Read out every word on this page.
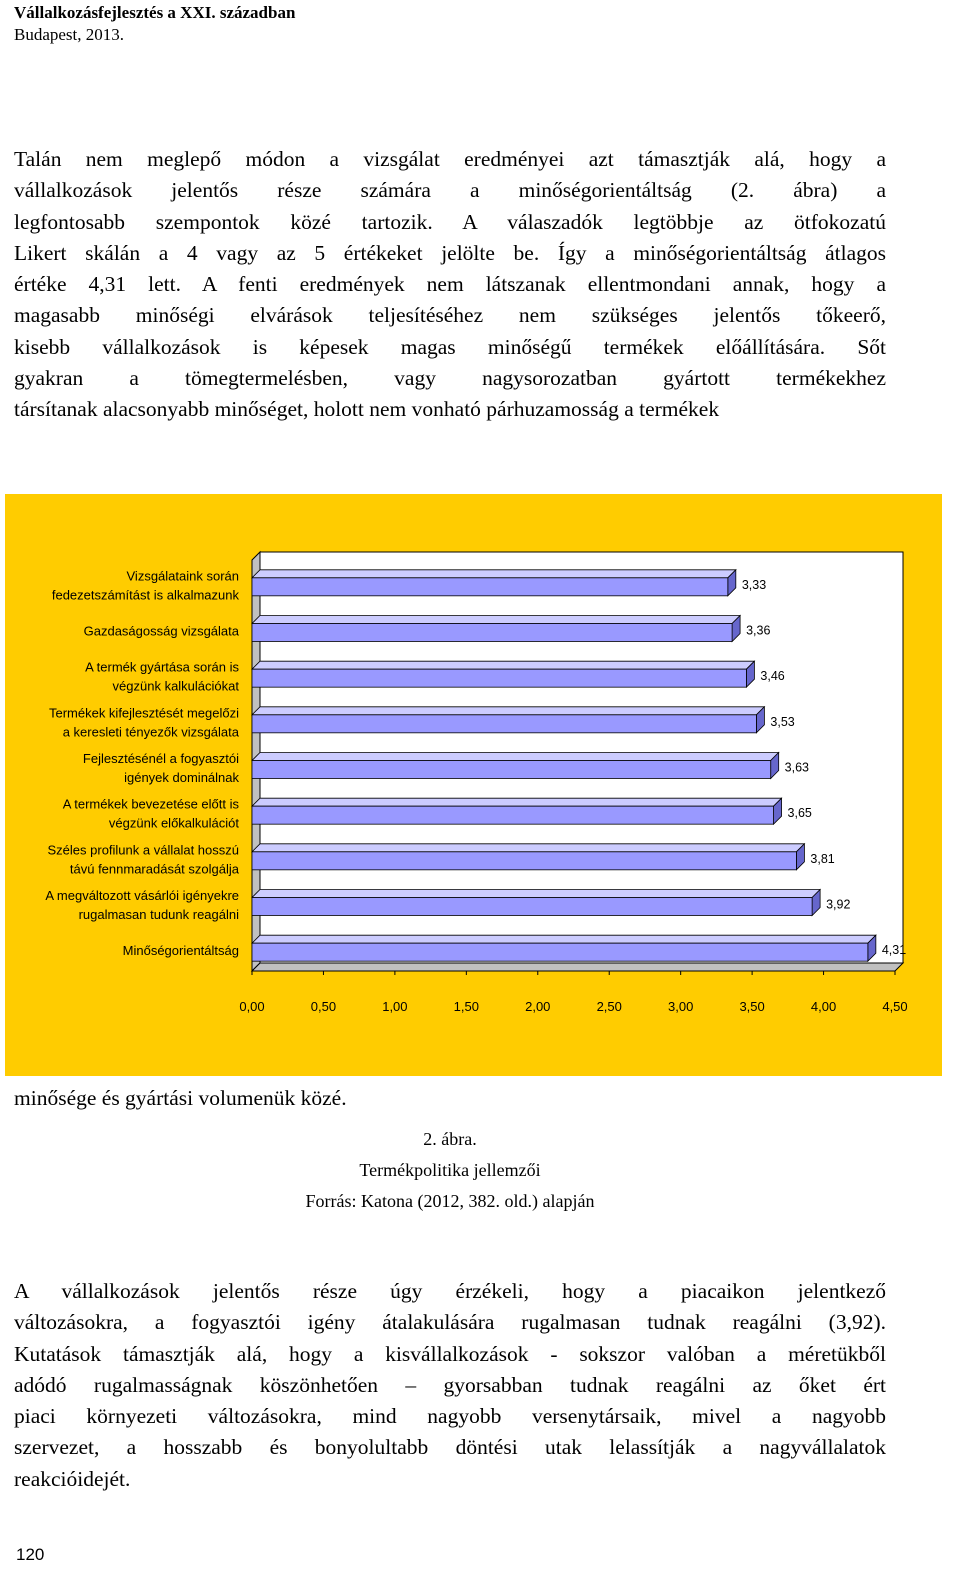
Vállalkozásfejlesztés a XXI. században
Budapest, 2013.
Talán nem meglepő módon a vizsgálat eredményei azt támasztják alá, hogy a
vállalkozások jelentős része számára a minőségorientáltság (2. ábra) a
legfontosabb szempontok közé tartozik. A válaszadók legtöbbje az ötfokozatú
Likert skálán a 4 vagy az 5 értékeket jelölte be. Így a minőségorientáltság átlagos
értéke 4,31 lett. A fenti eredmények nem látszanak ellentmondani annak, hogy a
magasabb minőségi elvárások teljesítéséhez nem szükséges jelentős tőkeerő,
kisebb vállalkozások is képesek magas minőségű termékek előállítására. Sőt
gyakran a tömegtermelésben, vagy nagysorozatban gyártott termékekhez
társítanak alacsonyabb minőséget, holott nem vonható párhuzamosság a termékek
3,33
Vizsgálataink során
fedezetszámítást is alkalmazunk
3,36
Gazdaságosság vizsgálata
3,46
A termék gyártása során is
végzünk kalkulációkat
3,53
Termékek kifejlesztését megelőzi
a keresleti tényezők vizsgálata
3,63
Fejlesztésénél a fogyasztói
igények dominálnak
3,65
A termékek bevezetése előtt is
végzünk előkalkulációt
3,81
Széles profilunk a vállalat hosszú
távú fennmaradását szolgálja
3,92
A megváltozott vásárlói igényekre
rugalmasan tudunk reagálni
4,31
Minőségorientáltság
0,00	0,50	1,00	1,50	2,00	2,50	3,00	3,50	4,00	4,50
minősége és gyártási volumenük közé.
2. ábra.
Termékpolitika jellemzői
Forrás: Katona (2012, 382. old.) alapján
A vállalkozások jelentős része úgy érzékeli, hogy a piacaikon jelentkező
változásokra, a fogyasztói igény átalakulására rugalmasan tudnak reagálni (3,92).
Kutatások támasztják alá, hogy a kisvállalkozások - sokszor valóban a méretükből
adódó rugalmasságnak köszönhetően – gyorsabban tudnak reagálni az őket ért
piaci környezeti változásokra, mind nagyobb versenytársaik, mivel a nagyobb
szervezet, a hosszabb és bonyolultabb döntési utak lelassítják a nagyvállalatok
reakcióidejét.
120
